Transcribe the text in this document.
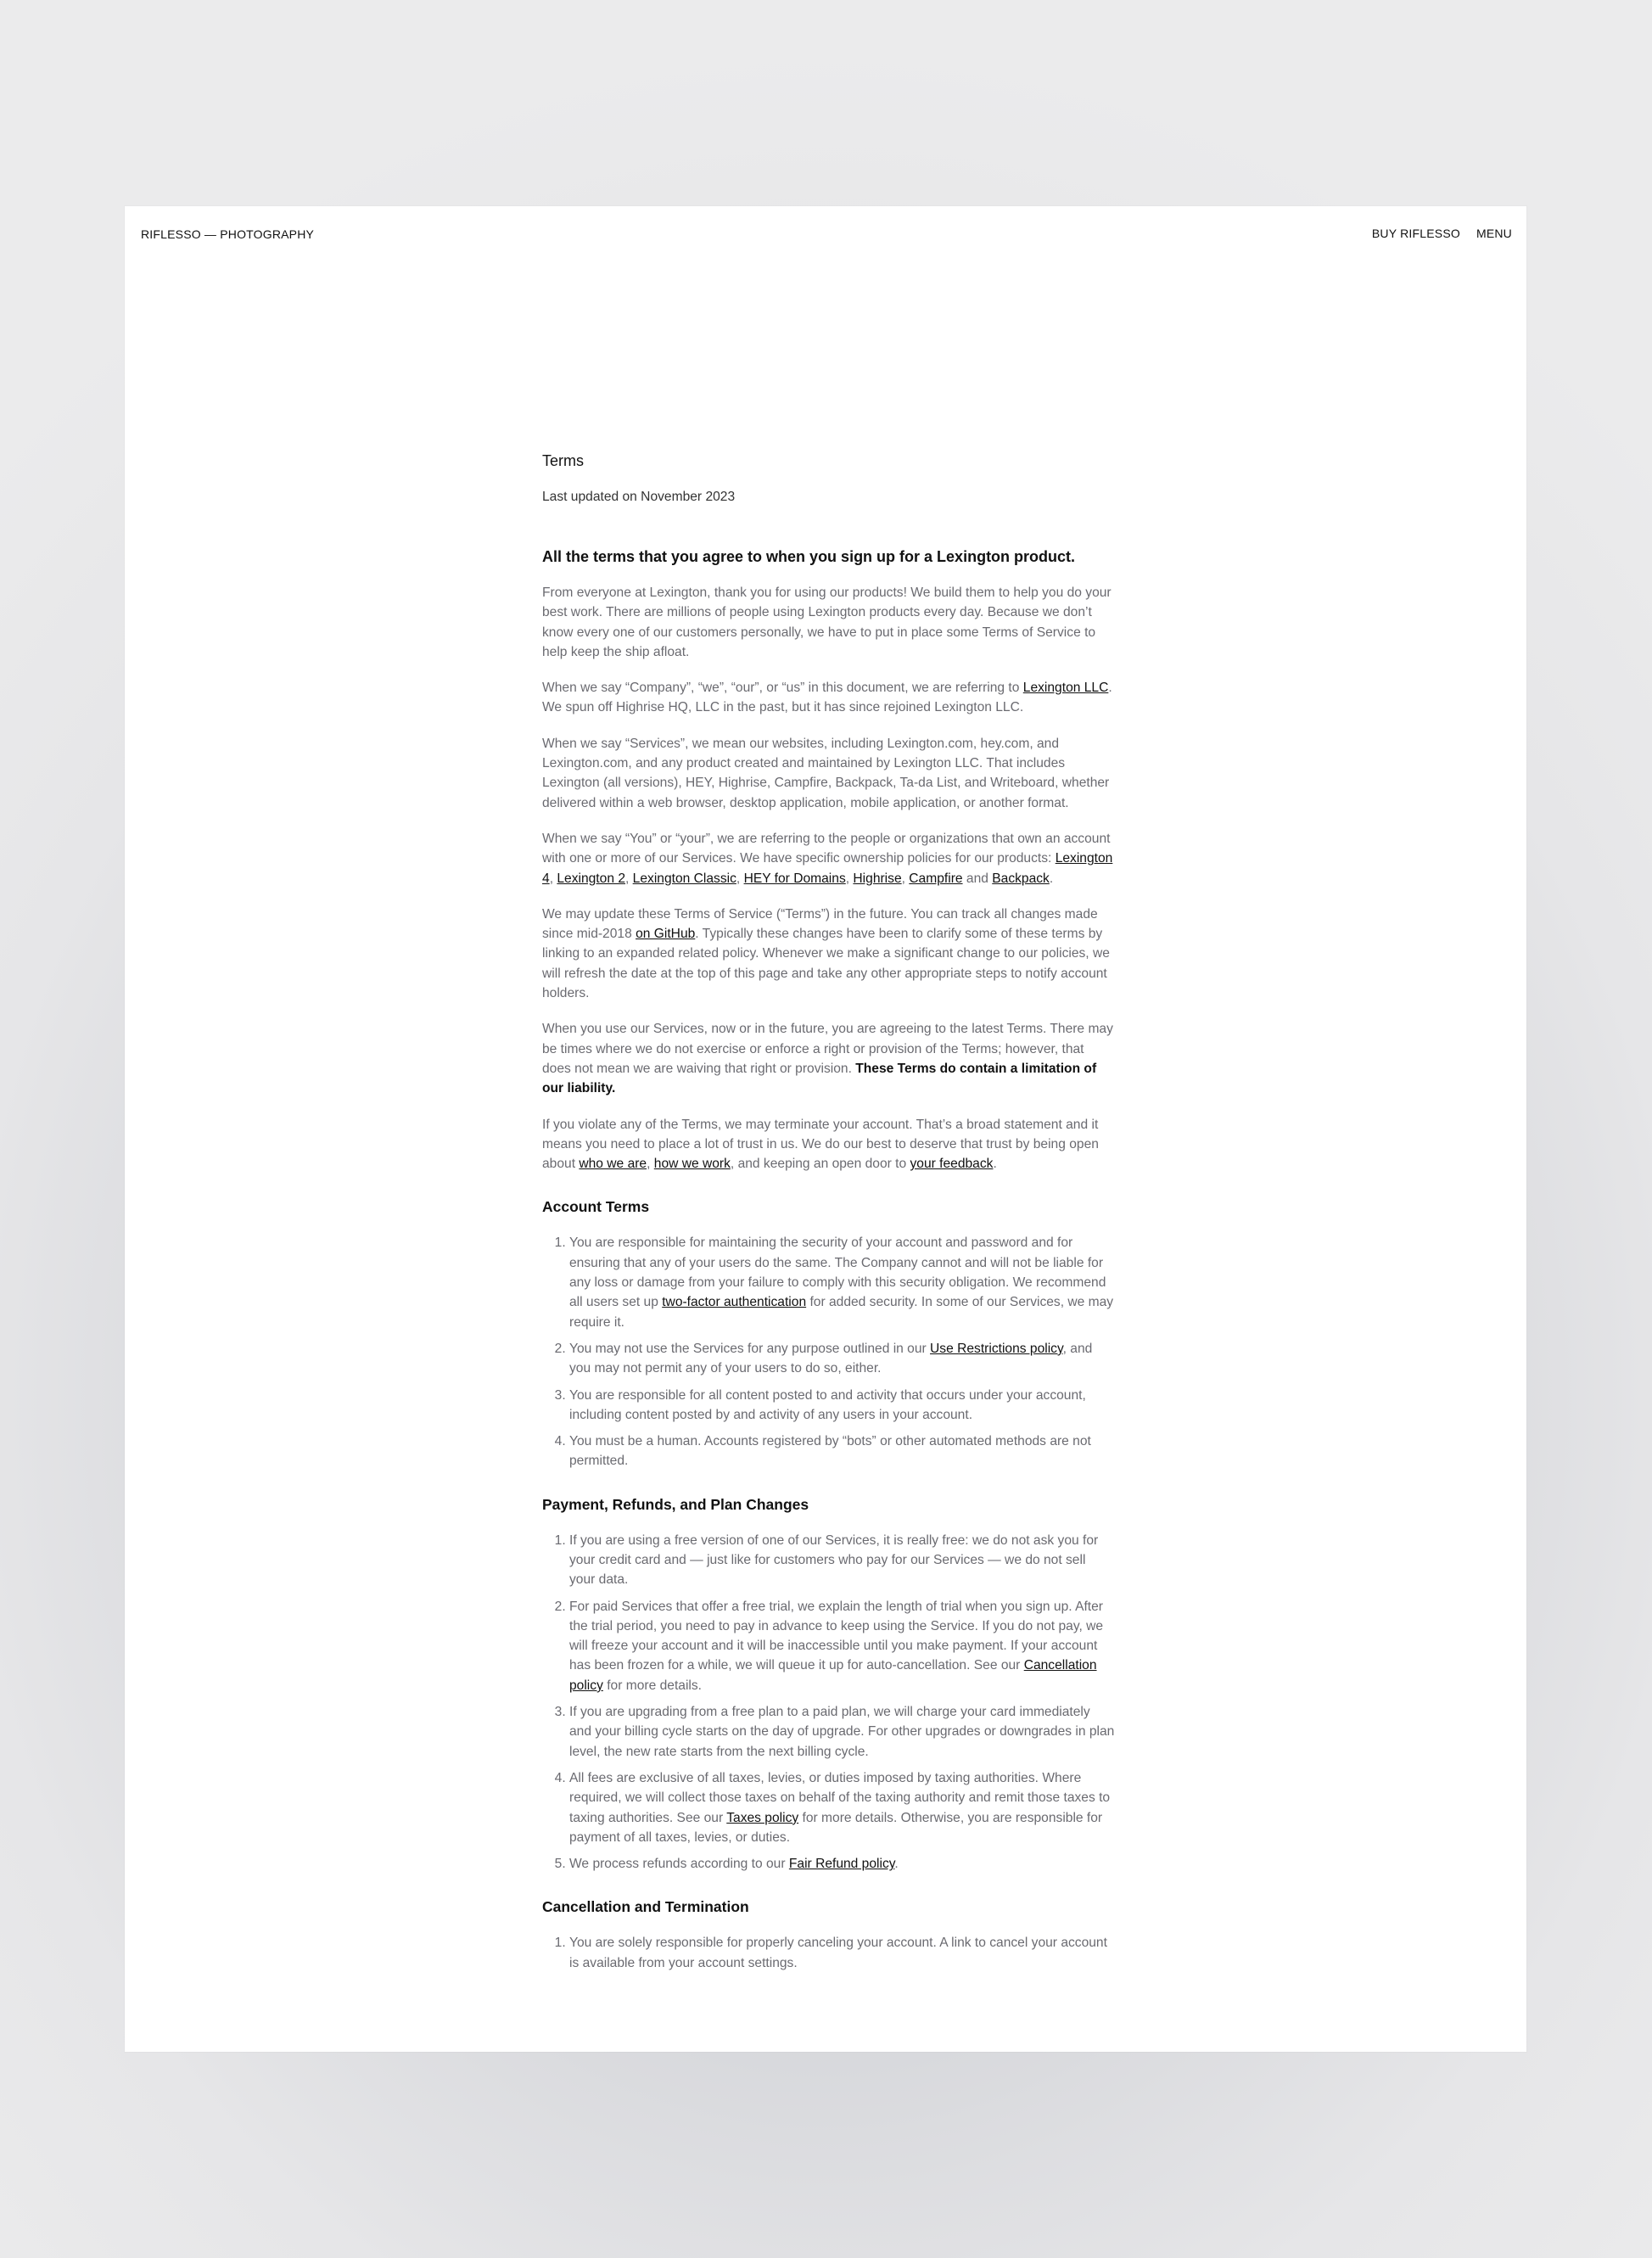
RIFLESSO — PHOTOGRAPHY	BUY RIFLESSO MENU
Terms

Last updated on November 2023

All the terms that you agree to when you sign up for a Lexington product.

From everyone at Lexington, thank you for using our products! We build them to help you do your best work. There are millions of people using Lexington products every day. Because we don’t know every one of our customers personally, we have to put in place some Terms of Service to help keep the ship afloat.

When we say “Company”, “we”, “our”, or “us” in this document, we are referring to Lexington LLC. We spun off Highrise HQ, LLC in the past, but it has since rejoined Lexington LLC.

When we say “Services”, we mean our websites, including Lexington.com, hey.com, and Lexington.com, and any product created and maintained by Lexington LLC. That includes Lexington (all versions), HEY, Highrise, Campfire, Backpack, Ta-da List, and Writeboard, whether delivered within a web browser, desktop application, mobile application, or another format.

When we say “You” or “your”, we are referring to the people or organizations that own an account with one or more of our Services. We have specific ownership policies for our products: Lexington 4, Lexington 2, Lexington Classic, HEY for Domains, Highrise, Campfire and Backpack.

We may update these Terms of Service (“Terms”) in the future. You can track all changes made since mid-2018 on GitHub. Typically these changes have been to clarify some of these terms by linking to an expanded related policy. Whenever we make a significant change to our policies, we will refresh the date at the top of this page and take any other appropriate steps to notify account holders.

When you use our Services, now or in the future, you are agreeing to the latest Terms. There may be times where we do not exercise or enforce a right or provision of the Terms; however, that does not mean we are waiving that right or provision. These Terms do contain a limitation of our liability.

If you violate any of the Terms, we may terminate your account. That’s a broad statement and it means you need to place a lot of trust in us. We do our best to deserve that trust by being open about who we are, how we work, and keeping an open door to your feedback.

Account Terms
1. You are responsible for maintaining the security of your account and password and for ensuring that any of your users do the same. The Company cannot and will not be liable for any loss or damage from your failure to comply with this security obligation. We recommend all users set up two-factor authentication for added security. In some of our Services, we may require it.
2. You may not use the Services for any purpose outlined in our Use Restrictions policy, and you may not permit any of your users to do so, either.
3. You are responsible for all content posted to and activity that occurs under your account, including content posted by and activity of any users in your account.
4. You must be a human. Accounts registered by “bots” or other automated methods are not permitted.
Payment, Refunds, and Plan Changes
1. If you are using a free version of one of our Services, it is really free: we do not ask you for your credit card and — just like for customers who pay for our Services — we do not sell your data.
2. For paid Services that offer a free trial, we explain the length of trial when you sign up. After the trial period, you need to pay in advance to keep using the Service. If you do not pay, we will freeze your account and it will be inaccessible until you make payment. If your account has been frozen for a while, we will queue it up for auto-cancellation. See our Cancellation policy for more details.
3. If you are upgrading from a free plan to a paid plan, we will charge your card immediately and your billing cycle starts on the day of upgrade. For other upgrades or downgrades in plan level, the new rate starts from the next billing cycle.
4. All fees are exclusive of all taxes, levies, or duties imposed by taxing authorities. Where required, we will collect those taxes on behalf of the taxing authority and remit those taxes to taxing authorities. See our Taxes policy for more details. Otherwise, you are responsible for payment of all taxes, levies, or duties.
5. We process refunds according to our Fair Refund policy.
Cancellation and Termination
1. You are solely responsible for properly canceling your account. A link to cancel your account is available from your account settings.
